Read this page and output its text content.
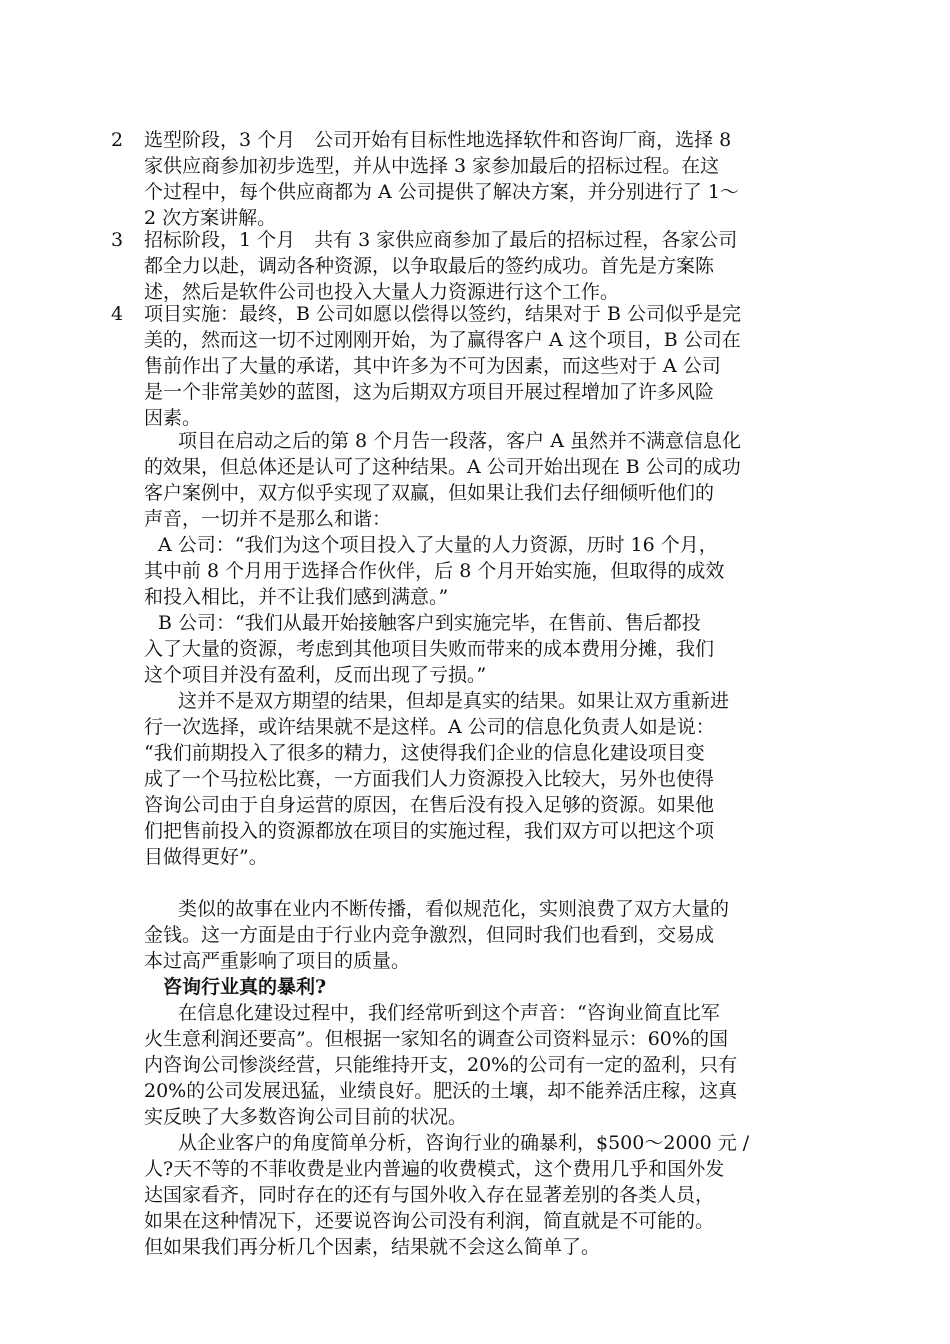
2 选型阶段，3 个月　公司开始有目标性地选择软件和咨询厂商，选择 8
家供应商参加初步选型，并从中选择 3 家参加最后的招标过程。在这
个过程中，每个供应商都为 A 公司提供了解决方案，并分别进行了 1～
2 次方案讲解。
3 招标阶段，1 个月　共有 3 家供应商参加了最后的招标过程，各家公司
都全力以赴，调动各种资源，以争取最后的签约成功。首先是方案陈
述，然后是软件公司也投入大量人力资源进行这个工作。
4 项目实施：最终，B 公司如愿以偿得以签约，结果对于 B 公司似乎是完
美的，然而这一切不过刚刚开始，为了赢得客户 A 这个项目，B 公司在
售前作出了大量的承诺，其中许多为不可为因素，而这些对于 A 公司
是一个非常美妙的蓝图，这为后期双方项目开展过程增加了许多风险
因素。
项目在启动之后的第 8 个月告一段落，客户 A 虽然并不满意信息化
的效果，但总体还是认可了这种结果。A 公司开始出现在 B 公司的成功
客户案例中，双方似乎实现了双赢，但如果让我们去仔细倾听他们的
声音，一切并不是那么和谐：
A 公司：“我们为这个项目投入了大量的人力资源，历时 16 个月，
其中前 8 个月用于选择合作伙伴，后 8 个月开始实施，但取得的成效
和投入相比，并不让我们感到满意。”
B 公司：“我们从最开始接触客户到实施完毕，在售前、售后都投
入了大量的资源，考虑到其他项目失败而带来的成本费用分摊，我们
这个项目并没有盈利，反而出现了亏损。”
这并不是双方期望的结果，但却是真实的结果。如果让双方重新进
行一次选择，或许结果就不是这样。A 公司的信息化负责人如是说：
“我们前期投入了很多的精力，这使得我们企业的信息化建设项目变
成了一个马拉松比赛，一方面我们人力资源投入比较大，另外也使得
咨询公司由于自身运营的原因，在售后没有投入足够的资源。如果他
们把售前投入的资源都放在项目的实施过程，我们双方可以把这个项
目做得更好”。
类似的故事在业内不断传播，看似规范化，实则浪费了双方大量的
金钱。这一方面是由于行业内竞争激烈，但同时我们也看到，交易成
本过高严重影响了项目的质量。
咨询行业真的暴利?
在信息化建设过程中，我们经常听到这个声音：“咨询业简直比军
火生意利润还要高”。但根据一家知名的调查公司资料显示：60%的国
内咨询公司惨淡经营，只能维持开支，20%的公司有一定的盈利，只有
20%的公司发展迅猛，业绩良好。肥沃的土壤，却不能养活庄稼，这真
实反映了大多数咨询公司目前的状况。
从企业客户的角度简单分析，咨询行业的确暴利，$500～2000 元 /
人?天不等的不菲收费是业内普遍的收费模式，这个费用几乎和国外发
达国家看齐，同时存在的还有与国外收入存在显著差别的各类人员，
如果在这种情况下，还要说咨询公司没有利润，简直就是不可能的。
但如果我们再分析几个因素，结果就不会这么简单了。
